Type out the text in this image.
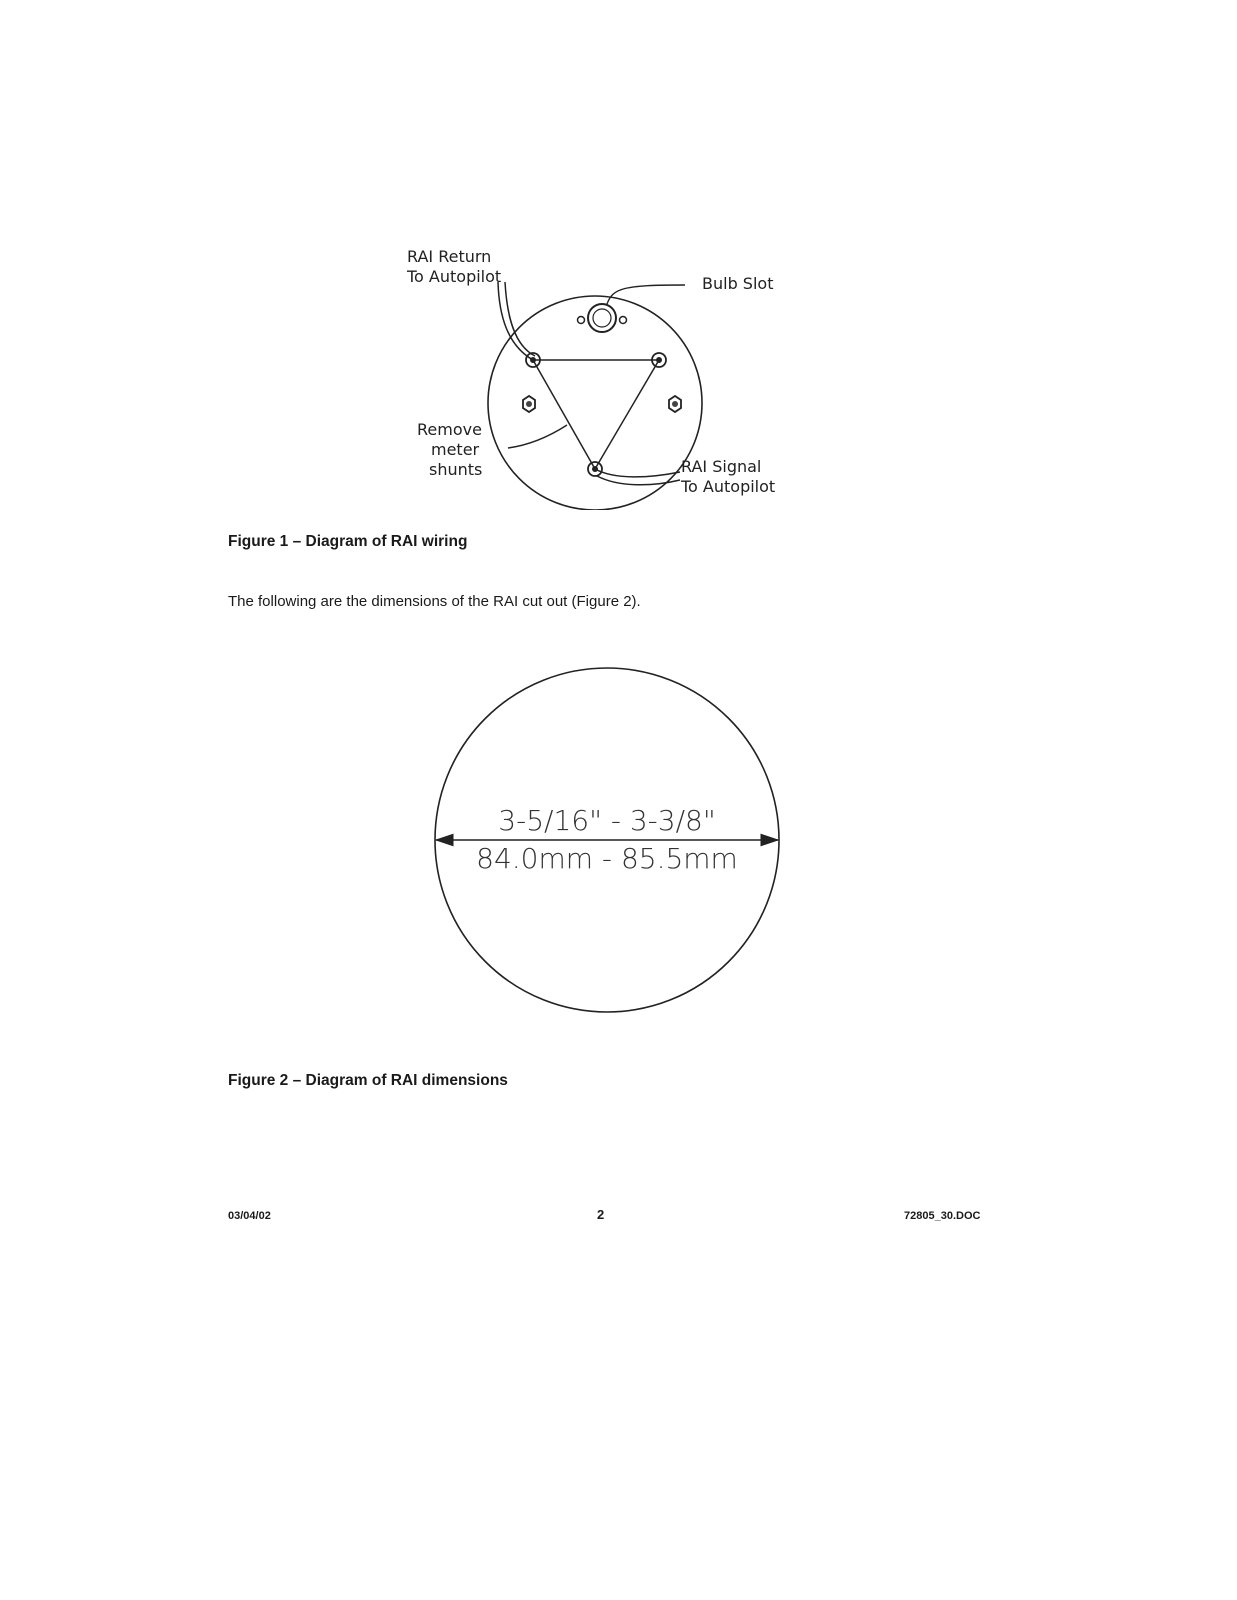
RAI Return
To Autopilot	Bulb Slot
Remove
meter
shunts	RAI Signal
To Autopilot
Figure 1 – Diagram of RAI wiring
The following are the dimensions of the RAI cut out (Figure 2).
3-5/16" - 3-3/8"
84.0mm - 85.5mm
Figure 2 – Diagram of RAI dimensions
03/04/02	2	72805_30.DOC
